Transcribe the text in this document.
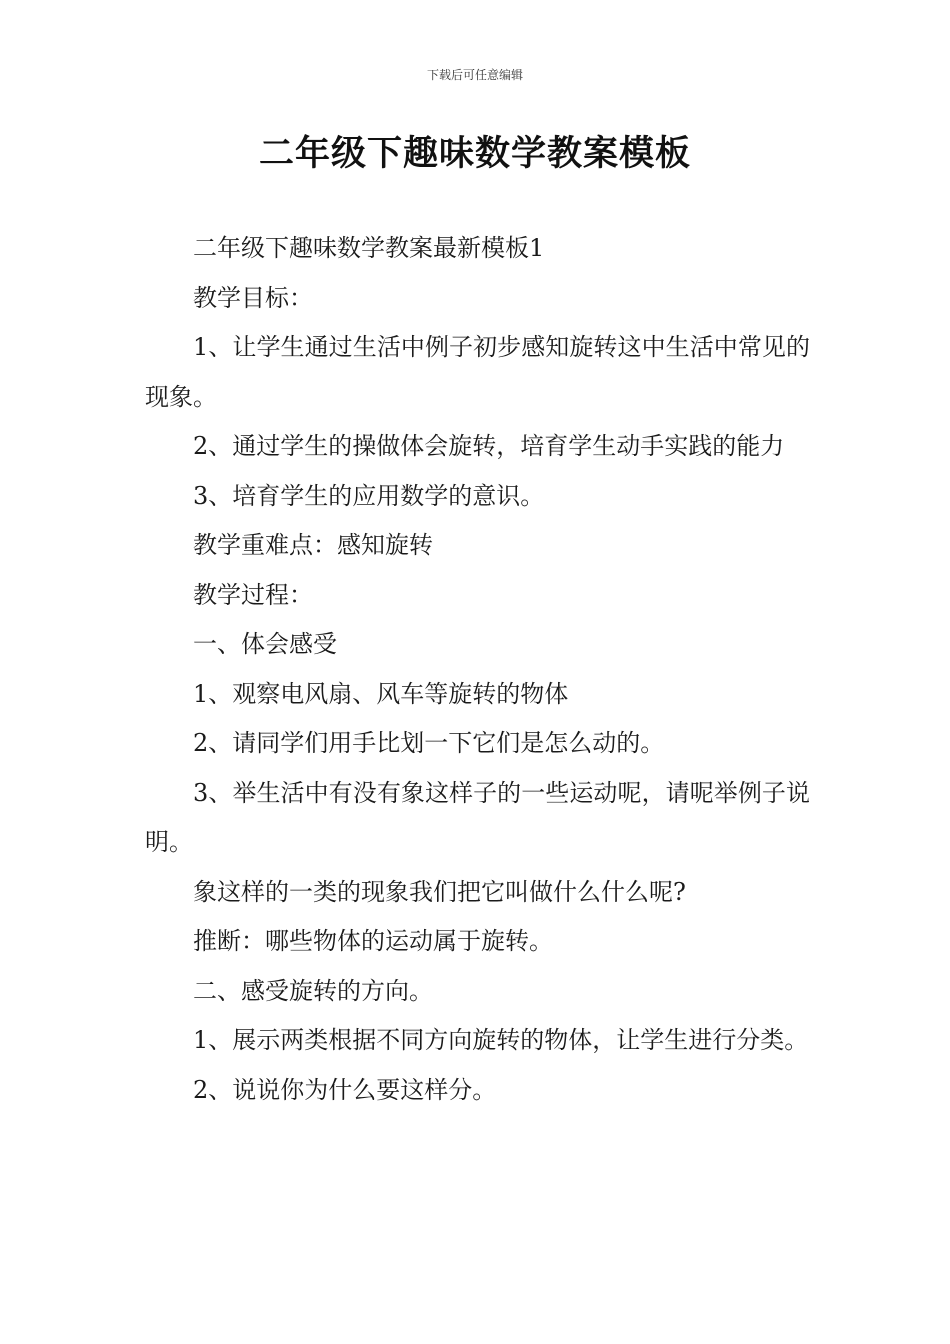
下载后可任意编辑
二年级下趣味数学教案模板

二年级下趣味数学教案最新模板1

教学目标：

1、让学生通过生活中例子初步感知旋转这中生活中常见的现象。

2、通过学生的操做体会旋转，培育学生动手实践的能力

3、培育学生的应用数学的意识。

教学重难点：感知旋转

教学过程：

一、体会感受

1、观察电风扇、风车等旋转的物体

2、请同学们用手比划一下它们是怎么动的。

3、举生活中有没有象这样子的一些运动呢，请呢举例子说明。

象这样的一类的现象我们把它叫做什么什么呢?

推断：哪些物体的运动属于旋转。

二、感受旋转的方向。

1、展示两类根据不同方向旋转的物体，让学生进行分类。

2、说说你为什么要这样分。
